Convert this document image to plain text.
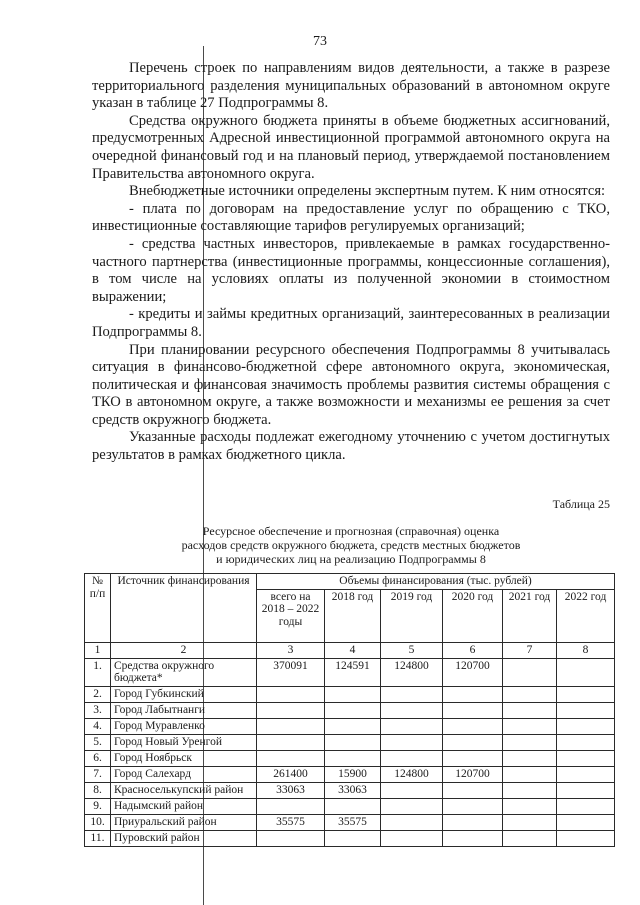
73

Перечень строек по направлениям видов деятельности, а также в разрезе территориального разделения муниципальных образований в автономном округе указан в таблице 27 Подпрограммы 8.

Средства окружного бюджета приняты в объеме бюджетных ассигнований, предусмотренных Адресной инвестиционной программой автономного округа на очередной финансовый год и на плановый период, утверждаемой постановлением Правительства автономного округа.

Внебюджетные источники определены экспертным путем. К ним относятся:

- плата по договорам на предоставление услуг по обращению с ТКО, инвестиционные составляющие тарифов регулируемых организаций;

- средства частных инвесторов, привлекаемые в рамках государственно-частного партнерства (инвестиционные программы, концессионные соглашения), в том числе на условиях оплаты из полученной экономии в стоимостном выражении;

- кредиты и займы кредитных организаций, заинтересованных в реализации Подпрограммы 8.

При планировании ресурсного обеспечения Подпрограммы 8 учитывалась ситуация в финансово-бюджетной сфере автономного округа, экономическая, политическая и финансовая значимость проблемы развития системы обращения с ТКО в автономном округе, а также возможности и механизмы ее решения за счет средств окружного бюджета.

Указанные расходы подлежат ежегодному уточнению с учетом достигнутых результатов в рамках бюджетного цикла.

Таблица 25
Ресурсное обеспечение и прогнозная (справочная) оценка
расходов средств окружного бюджета, средств местных бюджетов
и юридических лиц на реализацию Подпрограммы 8
№ п/п	Источник финансирования	Объемы финансирования (тыс. рублей)					
		всего на 2018 – 2022 годы	2018 год	2019 год	2020 год	2021 год	2022 год
1	2	3	4	5	6	7	8
1.	Средства окружного бюджета*	370091	124591	124800	120700		
2.	Город Губкинский						
3.	Город Лабытнанги						
4.	Город Муравленко						
5.	Город Новый Уренгой						
6.	Город Ноябрьск						
7.	Город Салехард	261400	15900	124800	120700		
8.	Красноселькупский район	33063	33063				
9.	Надымский район						
10.	Приуральский район	35575	35575				
11.	Пуровский район						
